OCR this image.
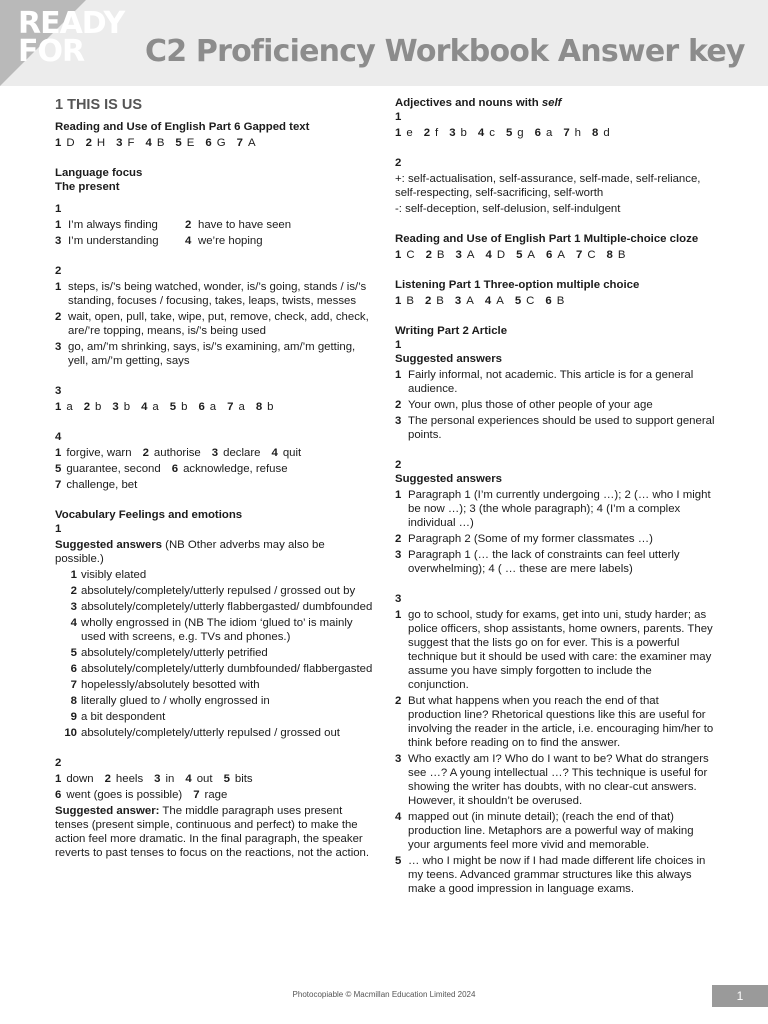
READY
FOR	C2 Proficiency Workbook Answer key
1 THIS IS US

Reading and Use of English Part 6 Gapped text

1 D 2 H 3 F 4 B 5 E 6 G 7 A

Language focus

The present

1

1 I’m always finding 2 have to have seen
3 I’m understanding 4 we’re hoping

2

1 steps, is/’s being watched, wonder, is/’s going, stands / is/’s standing, focuses / focusing, takes, leaps, twists, messes
2 wait, open, pull, take, wipe, put, remove, check, add, check, are/’re topping, means, is/’s being used
3 go, am/’m shrinking, says, is/’s examining, am/’m getting, yell, am/’m getting, says

3

1 a 2 b 3 b 4 a 5 b 6 a 7 a 8 b

4

1 forgive, warn 2 authorise 3 declare 4 quit
5 guarantee, second 6 acknowledge, refuse
7 challenge, bet

Vocabulary Feelings and emotions

1

Suggested answers (NB Other adverbs may also be possible.)

1 visibly elated
2 absolutely/completely/utterly repulsed / grossed out by
3 absolutely/completely/utterly flabbergasted/ dumbfounded
4 wholly engrossed in (NB The idiom ‘glued to’ is mainly used with screens, e.g. TVs and phones.)
5 absolutely/completely/utterly petrified
6 absolutely/completely/utterly dumbfounded/ flabbergasted
7 hopelessly/absolutely besotted with
8 literally glued to / wholly engrossed in
9 a bit despondent
10 absolutely/completely/utterly repulsed / grossed out

2

1 down 2 heels 3 in 4 out 5 bits
6 went (goes is possible) 7 rage

Suggested answer: The middle paragraph uses present tenses (present simple, continuous and perfect) to make the action feel more dramatic. In the final paragraph, the speaker reverts to past tenses to focus on the reactions, not the action.

Adjectives and nouns with self

1

1 e 2 f 3 b 4 c 5 g 6 a 7 h 8 d

2

+: self-actualisation, self-assurance, self-made, self-reliance, self-respecting, self-sacrificing, self-worth

-: self-deception, self-delusion, self-indulgent

Reading and Use of English Part 1 Multiple-choice cloze

1 C 2 B 3 A 4 D 5 A 6 A 7 C 8 B

Listening Part 1 Three-option multiple choice

1 B 2 B 3 A 4 A 5 C 6 B

Writing Part 2 Article

1

Suggested answers

1 Fairly informal, not academic. This article is for a general audience.
2 Your own, plus those of other people of your age
3 The personal experiences should be used to support general points.

2

Suggested answers

1 Paragraph 1 (I’m currently undergoing …); 2 (… who I might be now …); 3 (the whole paragraph); 4 (I’m a complex individual …)
2 Paragraph 2 (Some of my former classmates …)
3 Paragraph 1 (… the lack of constraints can feel utterly overwhelming); 4 ( … these are mere labels)

3

1 go to school, study for exams, get into uni, study harder; as police officers, shop assistants, home owners, parents. They suggest that the lists go on for ever. This is a powerful technique but it should be used with care: the examiner may assume you have simply forgotten to include the conjunction.
2 But what happens when you reach the end of that production line? Rhetorical questions like this are useful for involving the reader in the article, i.e. encouraging him/her to think before reading on to find the answer.
3 Who exactly am I? Who do I want to be? What do strangers see …? A young intellectual …? This technique is useful for showing the writer has doubts, with no clear-cut answers. However, it shouldn’t be overused.
4 mapped out (in minute detail); (reach the end of that) production line. Metaphors are a powerful way of making your arguments feel more vivid and memorable.
5 … who I might be now if I had made different life choices in my teens. Advanced grammar structures like this always make a good impression in language exams.
Photocopiable © Macmillan Education Limited 2024	1
